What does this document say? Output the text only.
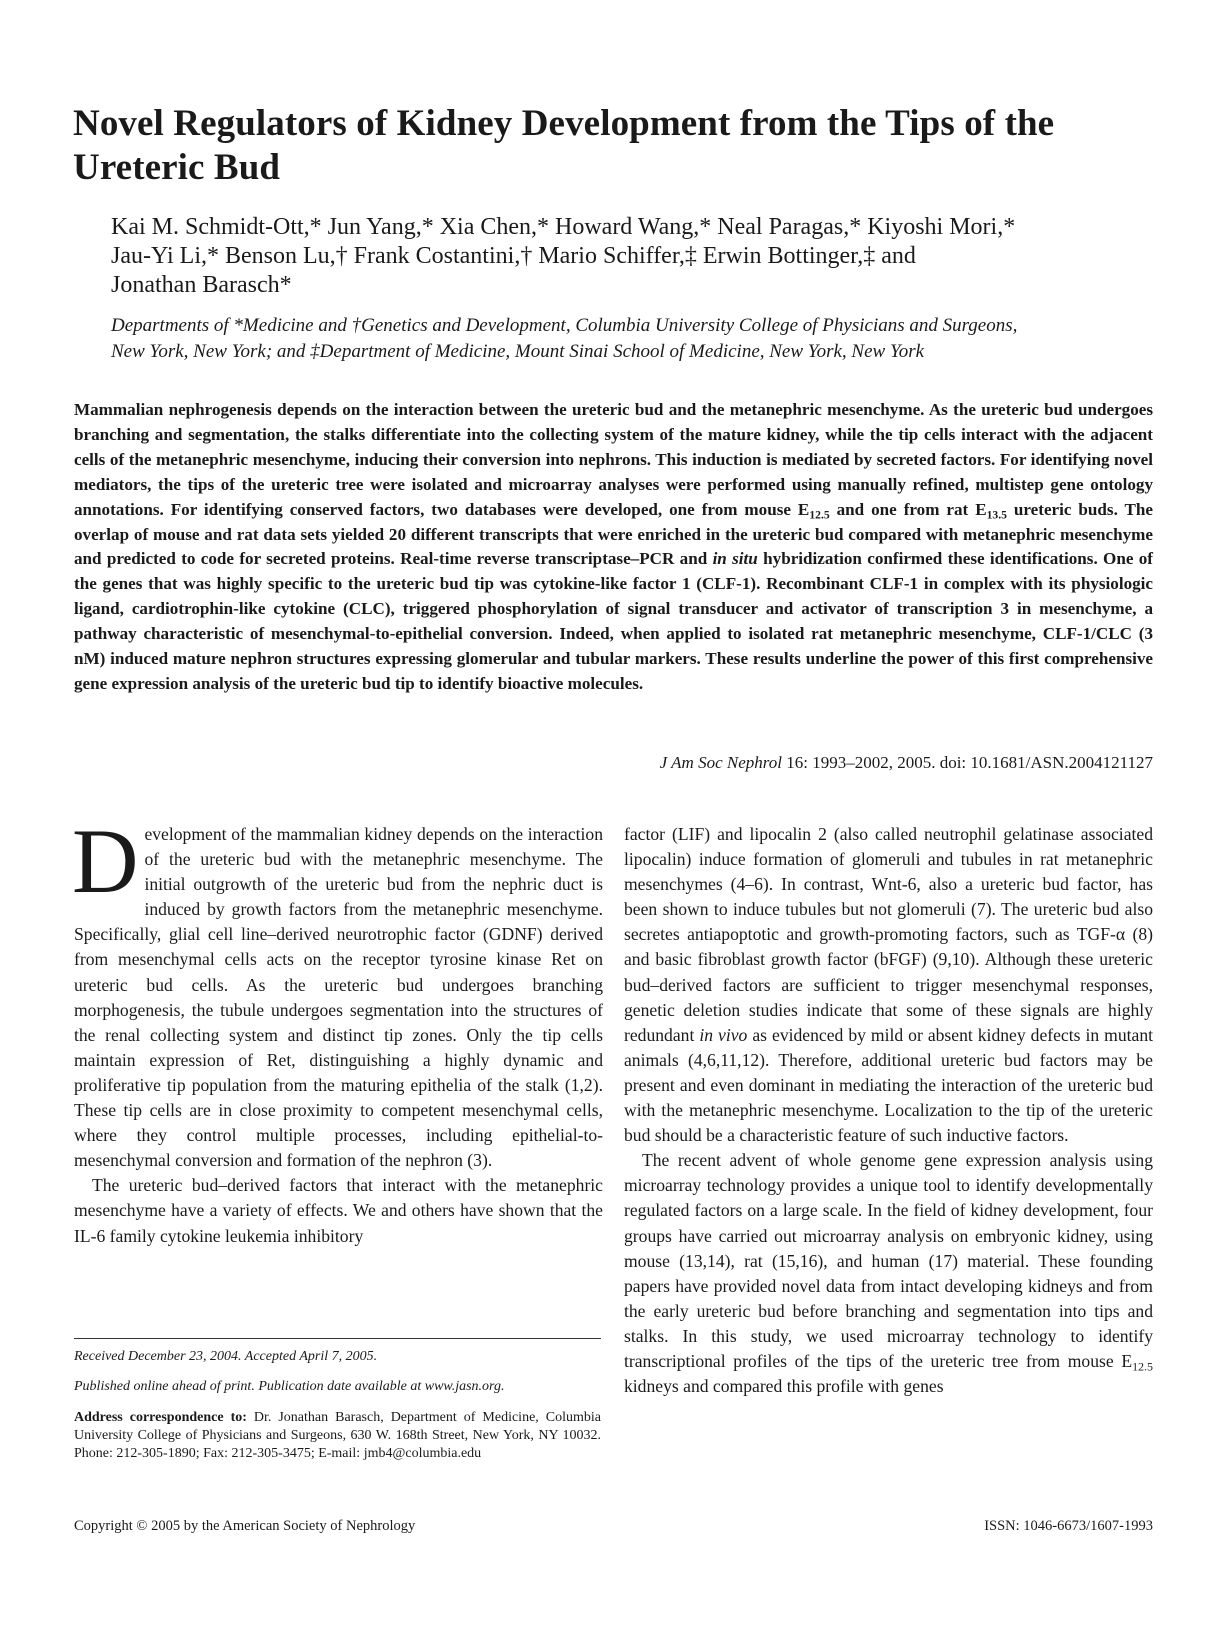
Novel Regulators of Kidney Development from the Tips of the Ureteric Bud
Kai M. Schmidt-Ott,* Jun Yang,* Xia Chen,* Howard Wang,* Neal Paragas,* Kiyoshi Mori,*
Jau-Yi Li,* Benson Lu,† Frank Costantini,† Mario Schiffer,‡ Erwin Bottinger,‡ and
Jonathan Barasch*
Departments of *Medicine and †Genetics and Development, Columbia University College of Physicians and Surgeons,
New York, New York; and ‡Department of Medicine, Mount Sinai School of Medicine, New York, New York

Mammalian nephrogenesis depends on the interaction between the ureteric bud and the metanephric mesenchyme. As the ureteric bud undergoes branching and segmentation, the stalks differentiate into the collecting system of the mature kidney, while the tip cells interact with the adjacent cells of the metanephric mesenchyme, inducing their conversion into nephrons. This induction is mediated by secreted factors. For identifying novel mediators, the tips of the ureteric tree were isolated and microarray analyses were performed using manually refined, multistep gene ontology annotations. For identifying conserved factors, two databases were developed, one from mouse $E_{12.5}$ and one from rat $E_{13.5}$ ureteric buds. The overlap of mouse and rat data sets yielded 20 different transcripts that were enriched in the ureteric bud compared with metanephric mesenchyme and predicted to code for secreted proteins. Real-time reverse transcriptase–PCR and in situ hybridization confirmed these identifications. One of the genes that was highly specific to the ureteric bud tip was cytokine-like factor 1 (CLF-1). Recombinant CLF-1 in complex with its physiologic ligand, cardiotrophin-like cytokine (CLC), triggered phosphorylation of signal transducer and activator of transcription 3 in mesenchyme, a pathway characteristic of mesenchymal-to-epithelial conversion. Indeed, when applied to isolated rat metanephric mesenchyme, CLF-1/CLC (3 nM) induced mature nephron structures expressing glomerular and tubular markers. These results underline the power of this first comprehensive gene expression analysis of the ureteric bud tip to identify bioactive molecules.

J Am Soc Nephrol 16: 1993–2002, 2005. doi: 10.1681/ASN.2004121127

Development of the mammalian kidney depends on the interaction of the ureteric bud with the metanephric mesenchyme. The initial outgrowth of the ureteric bud from the nephric duct is induced by growth factors from the metanephric mesenchyme. Specifically, glial cell line–derived neurotrophic factor (GDNF) derived from mesenchymal cells acts on the receptor tyrosine kinase Ret on ureteric bud cells. As the ureteric bud undergoes branching morphogenesis, the tubule undergoes segmentation into the structures of the renal collecting system and distinct tip zones. Only the tip cells maintain expression of Ret, distinguishing a highly dynamic and proliferative tip population from the maturing epithelia of the stalk (1,2). These tip cells are in close proximity to competent mesenchymal cells, where they control multiple processes, including epithelial-to-mesenchymal conversion and formation of the nephron (3).

The ureteric bud–derived factors that interact with the metanephric mesenchyme have a variety of effects. We and others have shown that the IL-6 family cytokine leukemia inhibitory

factor (LIF) and lipocalin 2 (also called neutrophil gelatinase associated lipocalin) induce formation of glomeruli and tubules in rat metanephric mesenchymes (4–6). In contrast, Wnt-6, also a ureteric bud factor, has been shown to induce tubules but not glomeruli (7). The ureteric bud also secretes antiapoptotic and growth-promoting factors, such as TGF-α (8) and basic fibroblast growth factor (bFGF) (9,10). Although these ureteric bud–derived factors are sufficient to trigger mesenchymal responses, genetic deletion studies indicate that some of these signals are highly redundant in vivo as evidenced by mild or absent kidney defects in mutant animals (4,6,11,12). Therefore, additional ureteric bud factors may be present and even dominant in mediating the interaction of the ureteric bud with the metanephric mesenchyme. Localization to the tip of the ureteric bud should be a characteristic feature of such inductive factors.

The recent advent of whole genome gene expression analysis using microarray technology provides a unique tool to identify developmentally regulated factors on a large scale. In the field of kidney development, four groups have carried out microarray analysis on embryonic kidney, using mouse (13,14), rat (15,16), and human (17) material. These founding papers have provided novel data from intact developing kidneys and from the early ureteric bud before branching and segmentation into tips and stalks. In this study, we used microarray technology to identify transcriptional profiles of the tips of the ureteric tree from mouse $E_{12.5}$ kidneys and compared this profile with genes

Received December 23, 2004. Accepted April 7, 2005.

Published online ahead of print. Publication date available at www.jasn.org.

Address correspondence to: Dr. Jonathan Barasch, Department of Medicine, Columbia University College of Physicians and Surgeons, 630 W. 168th Street, New York, NY 10032. Phone: 212-305-1890; Fax: 212-305-3475; E-mail: jmb4@columbia.edu

Copyright © 2005 by the American Society of Nephrology	ISSN: 1046-6673/1607-1993
